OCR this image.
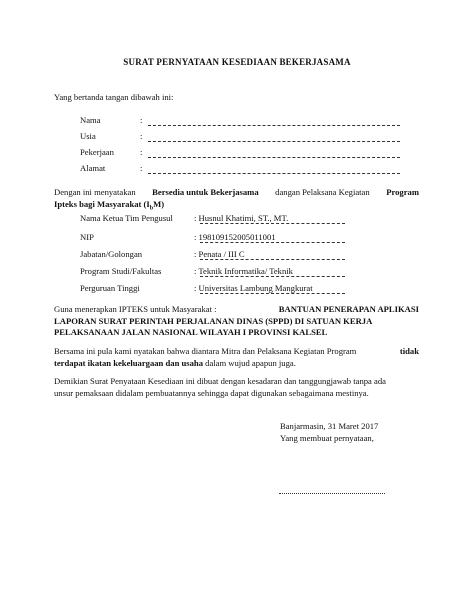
SURAT PERNYATAAN KESEDIAAN BEKERJASAMA
Yang bertanda tangan dibawah ini:
Nama	:
Usia	:
Pekerjaan	:
Alamat	:
Dengan ini menyatakan Bersedia untuk Bekerjasama dangan Pelaksana Kegiatan Program
Ipteks bagi Masyarakat $(I_bM)$
Nama Ketua Tim Pengusul : Husnul Khatimi, ST., MT.
NIP	: 198109152005011001
Jabatan/Golongan	: Penata / III C
Program Studi/Fakultas	: Teknik Informatika/ Teknik
Perguruan Tinggi	: Universitas Lambung Mangkurat
Guna menerapkan IPTEKS untuk Masyarakat :	BANTUAN PENERAPAN APLIKASI
LAPORAN SURAT PERINTAH PERJALANAN DINAS (SPPD) DI SATUAN KERJA
PELAKSANAAN JALAN NASIONAL WILAYAH I PROVINSI KALSEL
Bersama ini pula kami nyatakan bahwa diantara Mitra dan Pelaksana Kegiatan Program	tidak
terdapat ikatan kekeluargaan dan usaha dalam wujud apapun juga.
Demikian Surat Penyataan Kesediaan ini dibuat dengan kesadaran dan tanggungjawab tanpa ada
unsur pemaksaan didalam pembuatannya sehingga dapat digunakan sebagaimana mestinya.
Banjarmasin, 31 Maret 2017
Yang membuat pernyataan,
